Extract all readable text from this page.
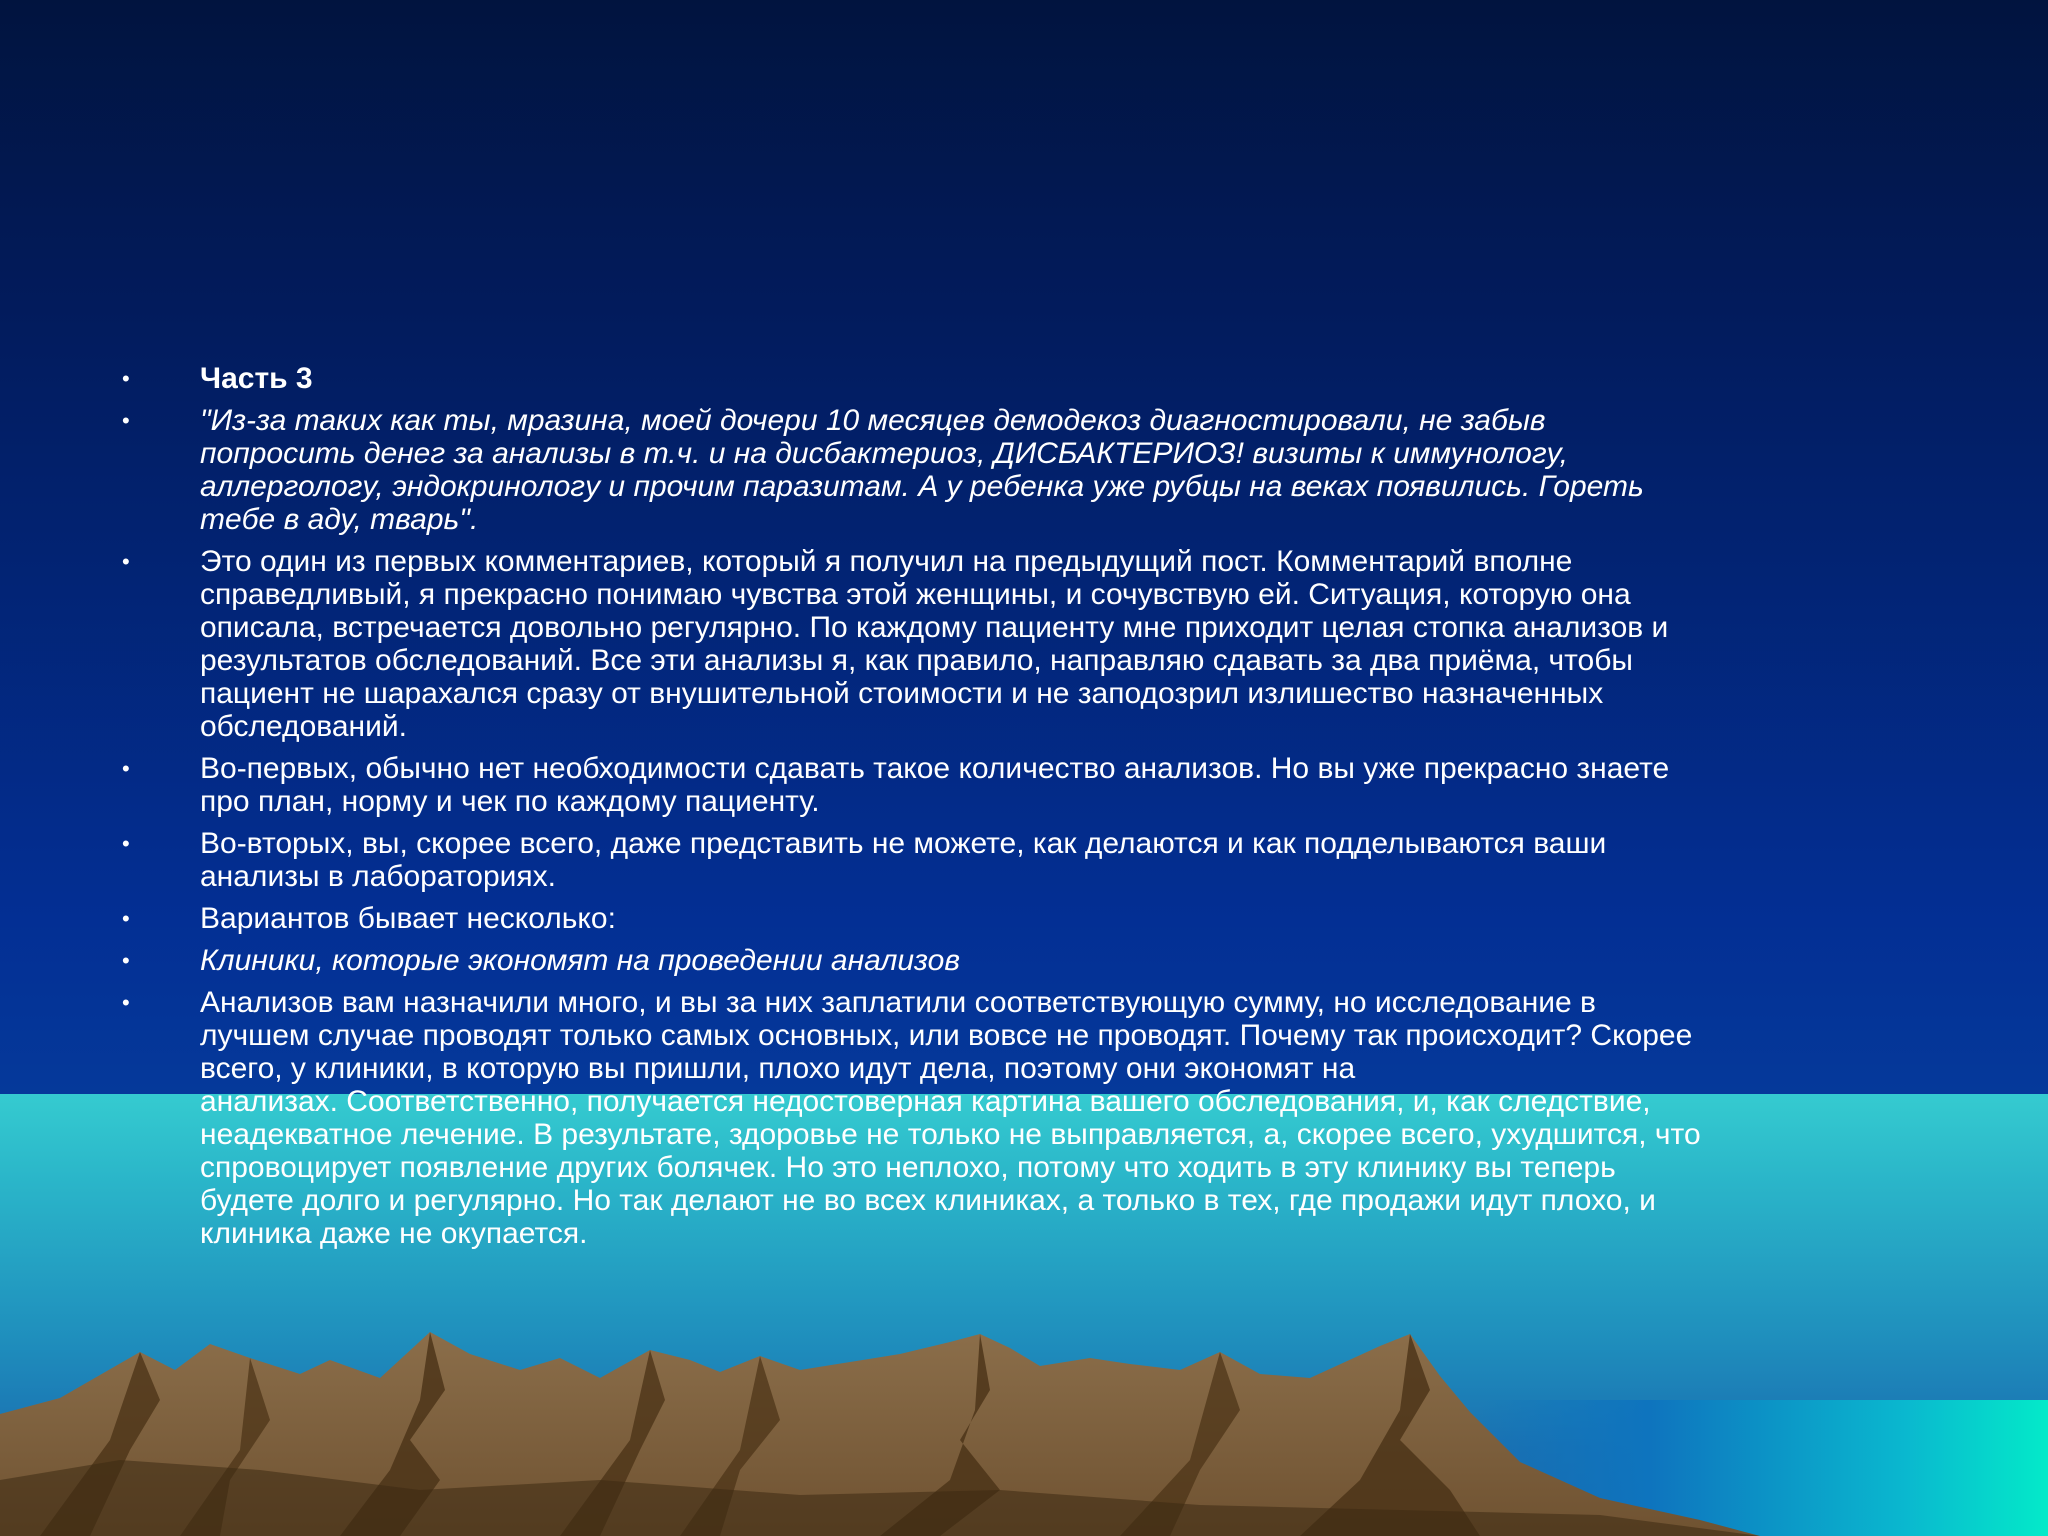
•	Часть 3
•	"Из-за таких как ты, мразина, моей дочери 10 месяцев демодекоз диагностировали, не забыв
попросить денег за анализы в т.ч. и на дисбактериоз, ДИСБАКТЕРИОЗ! визиты к иммунологу,
аллергологу, эндокринологу и прочим паразитам. А у ребенка уже рубцы на веках появились. Гореть
тебе в аду, тварь".
•	Это один из первых комментариев, который я получил на предыдущий пост. Комментарий вполне
справедливый, я прекрасно понимаю чувства этой женщины, и сочувствую ей. Ситуация, которую она
описала, встречается довольно регулярно. По каждому пациенту мне приходит целая стопка анализов и
результатов обследований. Все эти анализы я, как правило, направляю сдавать за два приёма, чтобы
пациент не шарахался сразу от внушительной стоимости и не заподозрил излишество назначенных
обследований.
•	Во-первых, обычно нет необходимости сдавать такое количество анализов. Но вы уже прекрасно знаете
про план, норму и чек по каждому пациенту.
•	Во-вторых, вы, скорее всего, даже представить не можете, как делаются и как подделываются ваши
анализы в лабораториях.
•	Вариантов бывает несколько:
•	Клиники, которые экономят на проведении анализов
•	Анализов вам назначили много, и вы за них заплатили соответствующую сумму, но исследование в
лучшем случае проводят только самых основных, или вовсе не проводят. Почему так происходит? Скорее
всего, у клиники, в которую вы пришли, плохо идут дела, поэтому они экономят на
анализах. Соответственно, получается недостоверная картина вашего обследования, и, как следствие,
неадекватное лечение. В результате, здоровье не только не выправляется, а, скорее всего, ухудшится, что
спровоцирует появление других болячек. Но это неплохо, потому что ходить в эту клинику вы теперь
будете долго и регулярно. Но так делают не во всех клиниках, а только в тех, где продажи идут плохо, и
клиника даже не окупается.
